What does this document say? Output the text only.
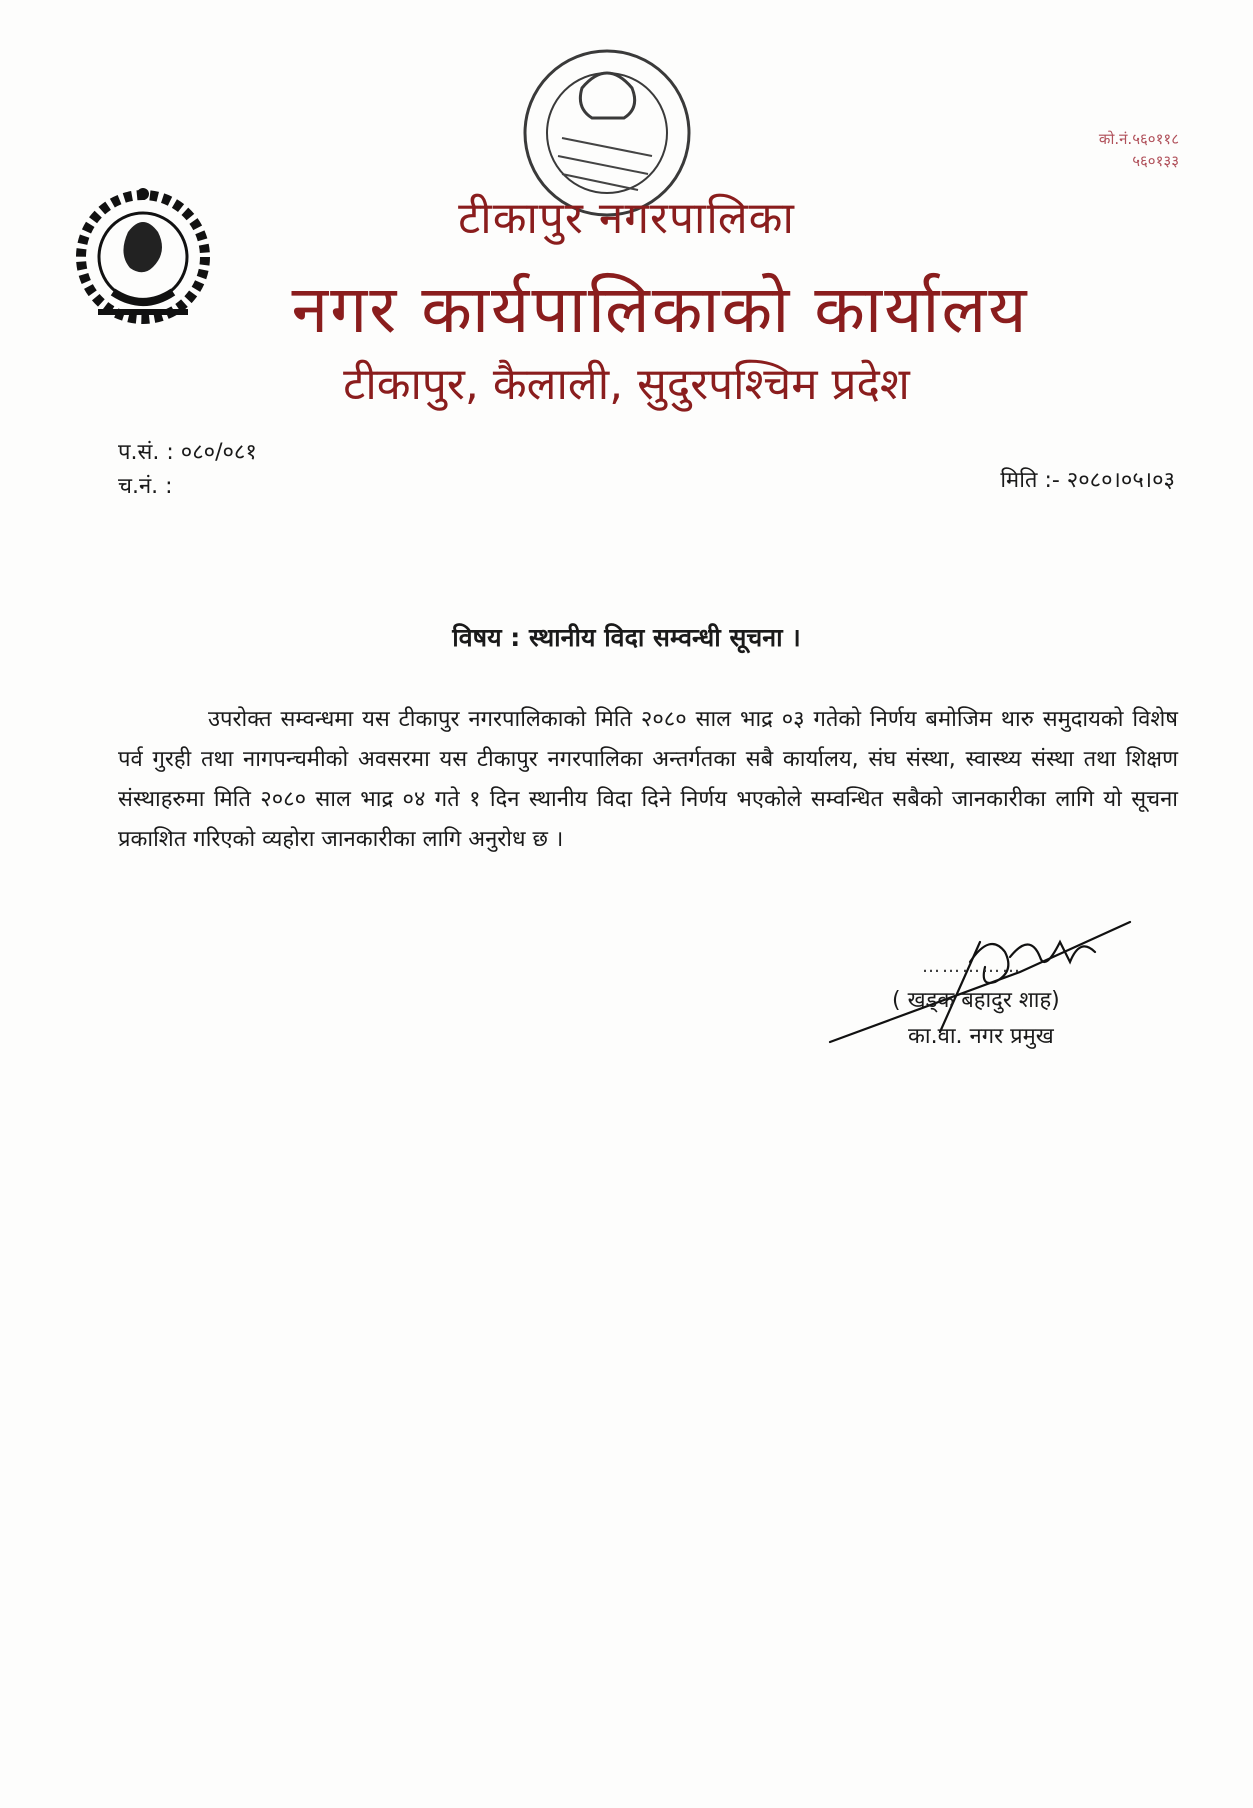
को.नं.५६०११८
५६०१३३
टीकापुर नगरपालिका
नगर कार्यपालिकाको कार्यालय
टीकापुर, कैलाली, सुदुरपश्चिम प्रदेश
प.सं. : ०८०/०८१
च.नं. :	मिति :- २०८०।०५।०३
विषय : स्थानीय विदा सम्वन्धी सूचना ।
उपरोक्त सम्वन्धमा यस टीकापुर नगरपालिकाको मिति २०८० साल भाद्र ०३ गतेको निर्णय बमोजिम थारु समुदायको विशेष पर्व गुरही तथा नागपन्चमीको अवसरमा यस टीकापुर नगरपालिका अन्तर्गतका सबै कार्यालय, संघ संस्था, स्वास्थ्य संस्था तथा शिक्षण संस्थाहरुमा मिति २०८० साल भाद्र ०४ गते १ दिन स्थानीय विदा दिने निर्णय भएकोले सम्वन्धित सबैको जानकारीका लागि यो सूचना प्रकाशित गरिएको व्यहोरा जानकारीका लागि अनुरोध छ ।
……………
( खड्क बहादुर शाह)
का.वा. नगर प्रमुख
